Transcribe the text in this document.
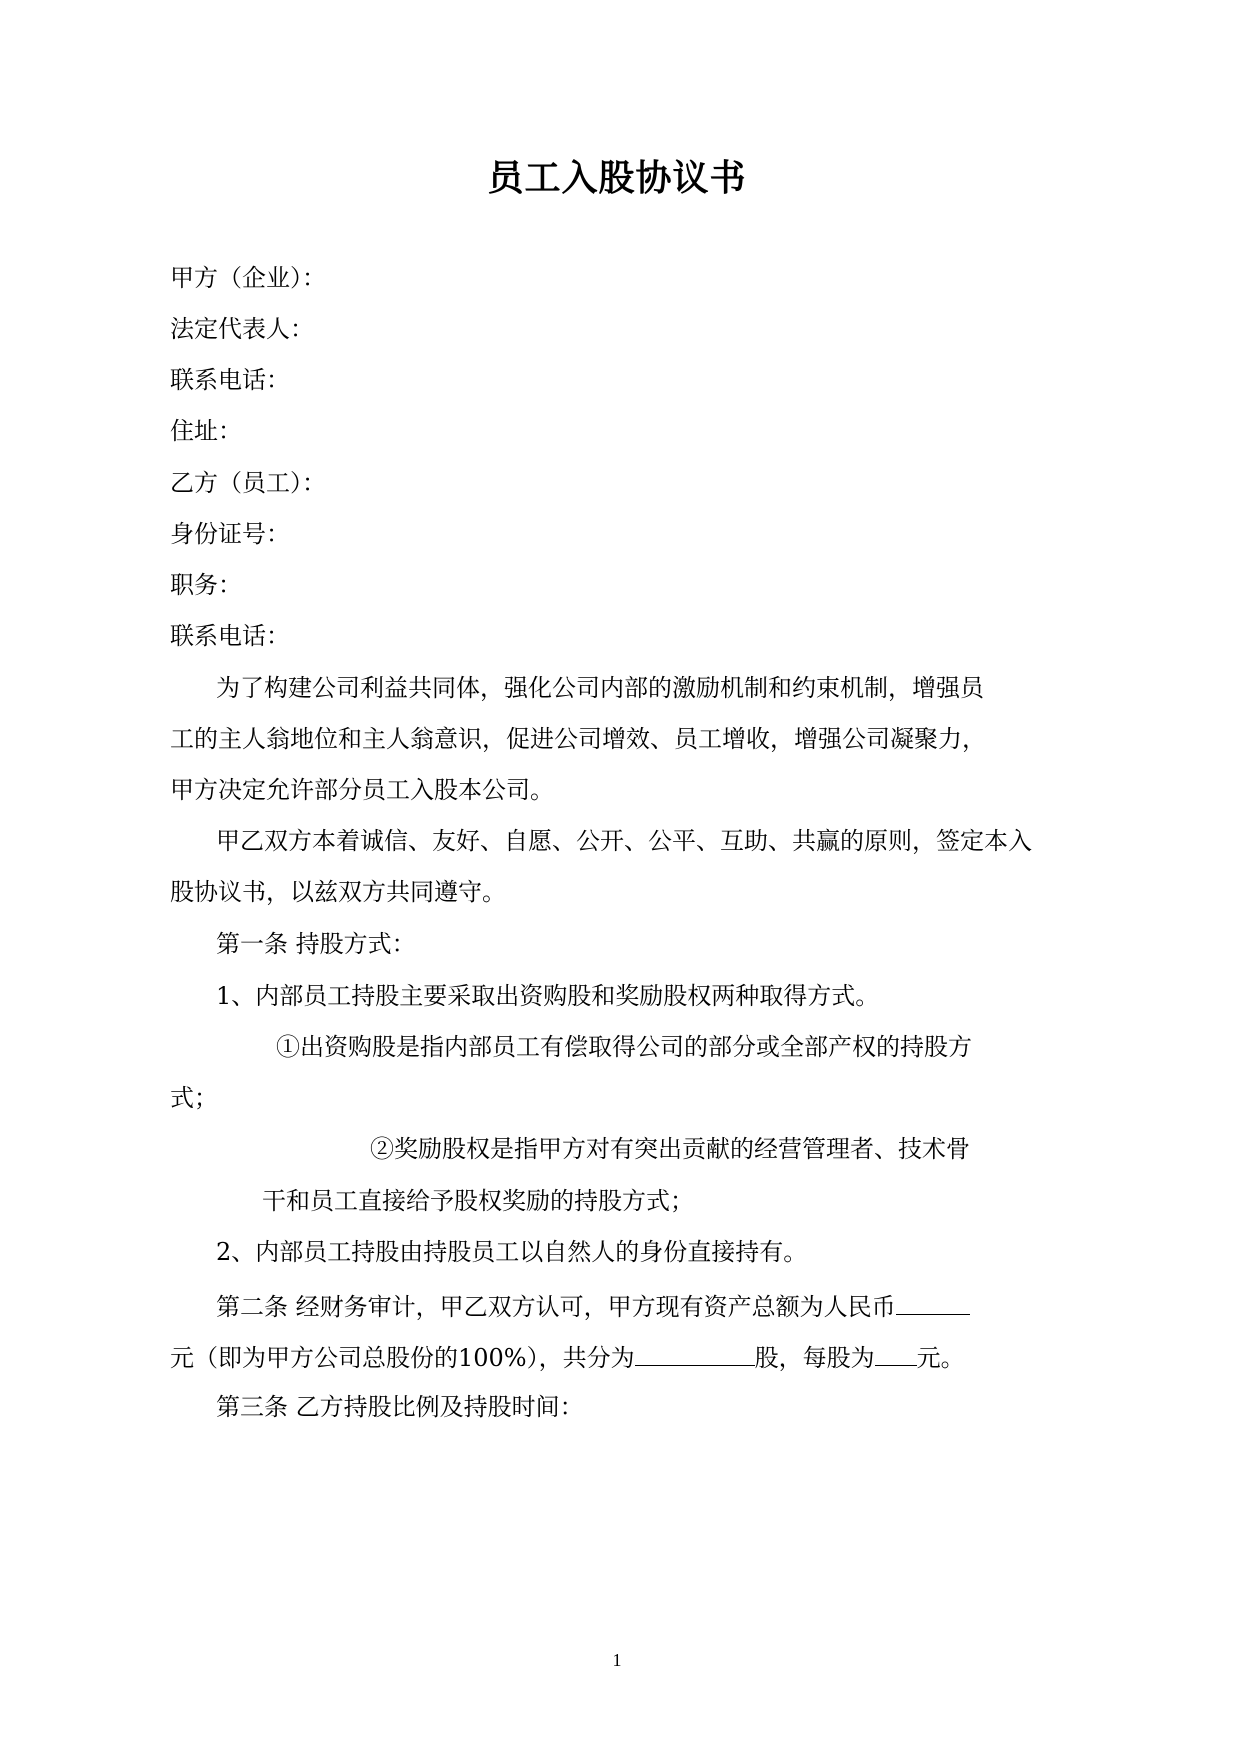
员工入股协议书
甲方（企业）：
法定代表人：
联系电话：
住址：
乙方（员工）：
身份证号：
职务：
联系电话：
为了构建公司利益共同体，强化公司内部的激励机制和约束机制，增强员
工的主人翁地位和主人翁意识，促进公司增效、员工增收，增强公司凝聚力，
甲方决定允许部分员工入股本公司。
甲乙双方本着诚信、友好、自愿、公开、公平、互助、共赢的原则，签定本入
股协议书，以兹双方共同遵守。
第一条 持股方式：
1、内部员工持股主要采取出资购股和奖励股权两种取得方式。
①出资购股是指内部员工有偿取得公司的部分或全部产权的持股方
式；
②奖励股权是指甲方对有突出贡献的经营管理者、技术骨
干和员工直接给予股权奖励的持股方式；
2、内部员工持股由持股员工以自然人的身份直接持有。
第二条 经财务审计，甲乙双方认可，甲方现有资产总额为人民币
元（即为甲方公司总股份的100%），共分为	股，每股为 元。
第三条 乙方持股比例及持股时间：
1
